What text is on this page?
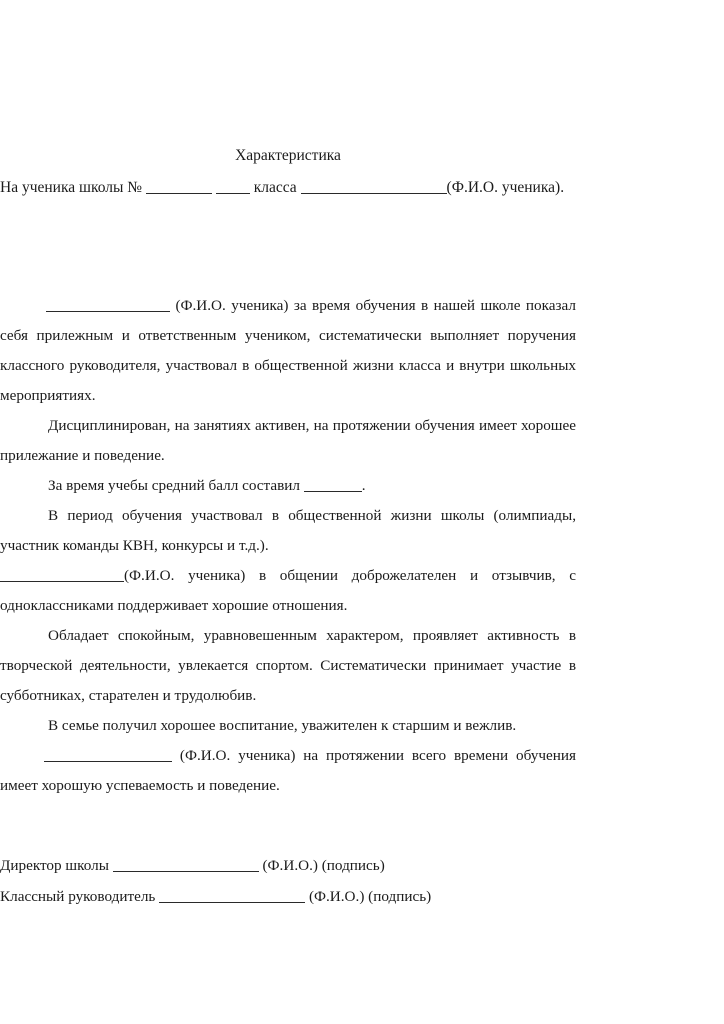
Характеристика
На ученика школы №	класса	(Ф.И.О. ученика).

(Ф.И.О. ученика) за время обучения в нашей школе показал себя прилежным и ответственным учеником, систематически выполняет поручения классного руководителя, участвовал в общественной жизни класса и внутри школьных мероприятиях.

Дисциплинирован, на занятиях активен, на протяжении обучения имеет хорошее прилежание и поведение.

За время учебы средний балл составил	.

В период обучения участвовал в общественной жизни школы (олимпиады, участник команды КВН, конкурсы и т.д.).

(Ф.И.О. ученика) в общении доброжелателен и отзывчив, с одноклассниками поддерживает хорошие отношения.

Обладает спокойным, уравновешенным характером, проявляет активность в творческой деятельности, увлекается спортом. Систематически принимает участие в субботниках, старателен и трудолюбив.

В семье получил хорошее воспитание, уважителен к старшим и вежлив.

(Ф.И.О. ученика) на протяжении всего времени обучения имеет хорошую успеваемость и поведение.

Директор школы	(Ф.И.О.) (подпись)
Классный руководитель	(Ф.И.О.) (подпись)
